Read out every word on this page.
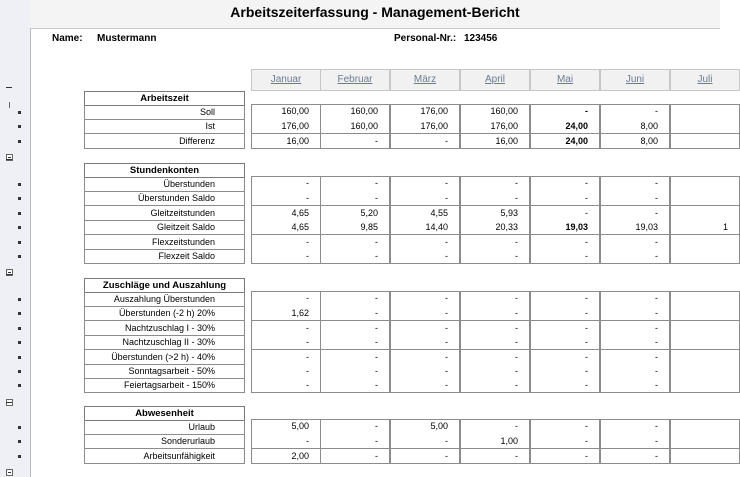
Arbeitszeiterfassung - Management-Bericht
Name: Mustermann	Personal-Nr.: 123456
Januar	Februar	März	April	Mai	Juni	Juli
Arbeitszeit
Soll	160,00	160,00	176,00	160,00	-	-
Ist	176,00	160,00	176,00	176,00	24,00	8,00
Differenz	16,00	-	-	16,00	24,00	8,00
Stundenkonten
Überstunden	-	-	-	-	-	-
Überstunden Saldo	-	-	-	-	-	-
Gleitzeitstunden	4,65	5,20	4,55	5,93	-	-
Gleitzeit Saldo	4,65	9,85	14,40	20,33	19,03	19,03	1
Flexzeitstunden	-	-	-	-	-	-
Flexzeit Saldo	-	-	-	-	-	-
Zuschläge und Auszahlung
Auszahlung Überstunden	-	-	-	-	-	-
Überstunden (-2 h) 20%	1,62	-	-	-	-	-
Nachtzuschlag I - 30%	-	-	-	-	-	-
Nachtzuschlag II - 30%	-	-	-	-	-	-
Überstunden (>2 h) - 40%	-	-	-	-	-	-
Sonntagsarbeit - 50%	-	-	-	-	-	-
Feiertagsarbeit - 150%	-	-	-	-	-	-
Abwesenheit
Urlaub	5,00	-	5,00	-	-	-
Sonderurlaub	-	-	-	1,00	-	-
Arbeitsunfähigkeit	2,00	-	-	-	-	-
